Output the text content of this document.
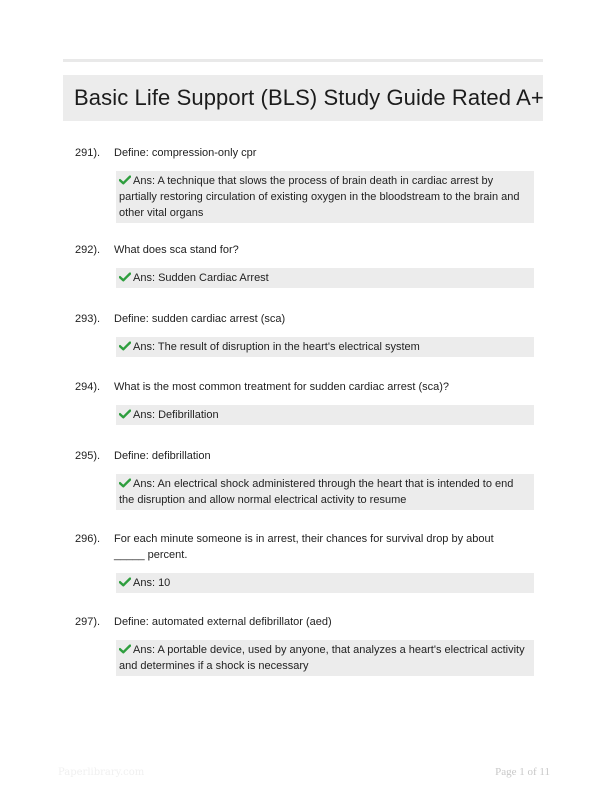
Basic Life Support (BLS) Study Guide Rated A+
291). Define: compression-only cpr
Ans: A technique that slows the process of brain death in cardiac arrest by partially restoring circulation of existing oxygen in the bloodstream to the brain and other vital organs
292). What does sca stand for?
Ans: Sudden Cardiac Arrest
293). Define: sudden cardiac arrest (sca)
Ans: The result of disruption in the heart's electrical system
294). What is the most common treatment for sudden cardiac arrest (sca)?
Ans: Defibrillation
295). Define: defibrillation
Ans: An electrical shock administered through the heart that is intended to end the disruption and allow normal electrical activity to resume
296). For each minute someone is in arrest, their chances for survival drop by about _____ percent.
Ans: 10
297). Define: automated external defibrillator (aed)
Ans: A portable device, used by anyone, that analyzes a heart's electrical activity and determines if a shock is necessary
Paperlibrary.com	Page 1 of 11
